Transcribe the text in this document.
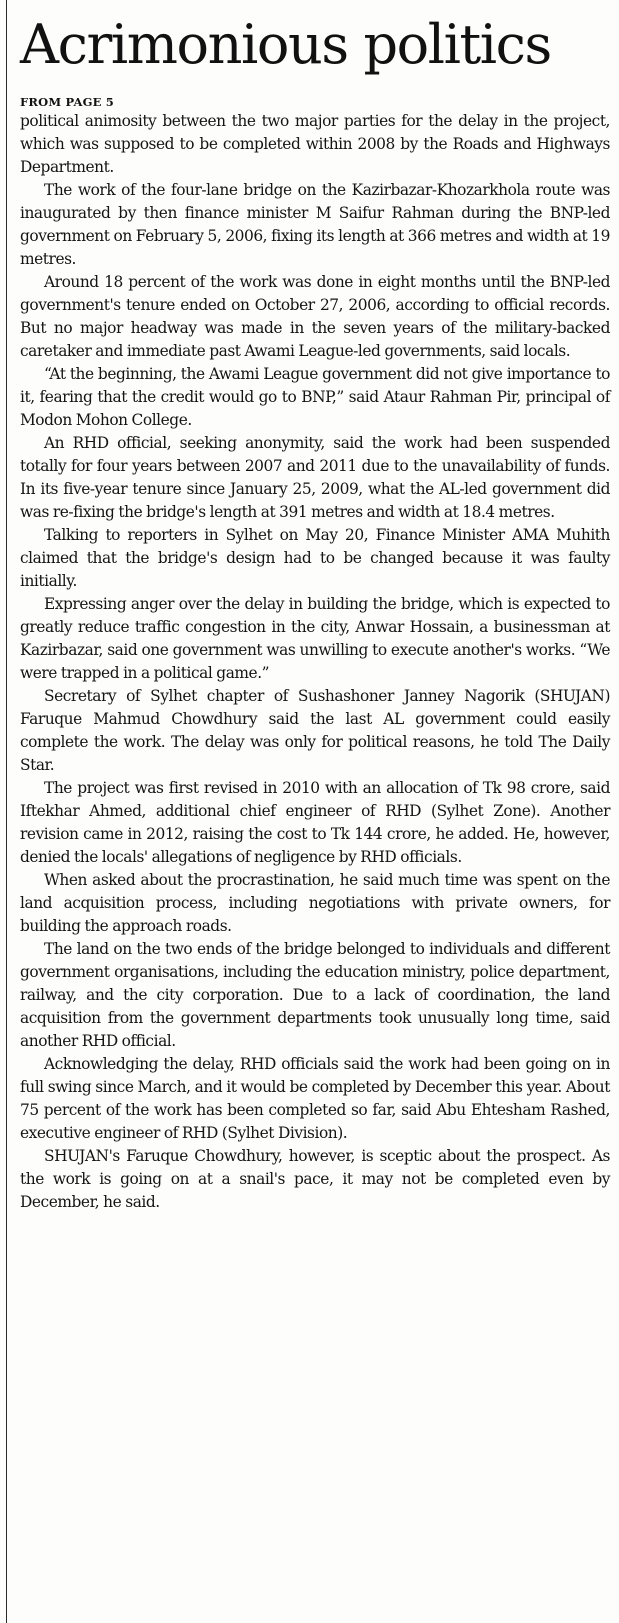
Acrimonious politics
FROM PAGE 5

political animosity between the two major parties for the delay in the project, which was supposed to be completed within 2008 by the Roads and Highways Department.

The work of the four-lane bridge on the Kazirbazar-Khozarkhola route was inaugurated by then finance minister M Saifur Rahman during the BNP-led government on February 5, 2006, fixing its length at 366 metres and width at 19 metres.

Around 18 percent of the work was done in eight months until the BNP-led government's tenure ended on October 27, 2006, according to official records. But no major headway was made in the seven years of the military-backed caretaker and immediate past Awami League-led governments, said locals.

“At the beginning, the Awami League government did not give importance to it, fearing that the credit would go to BNP,” said Ataur Rahman Pir, principal of Modon Mohon College.

An RHD official, seeking anonymity, said the work had been suspended totally for four years between 2007 and 2011 due to the unavailability of funds. In its five-year tenure since January 25, 2009, what the AL-led government did was re-fixing the bridge's length at 391 metres and width at 18.4 metres.

Talking to reporters in Sylhet on May 20, Finance Minister AMA Muhith claimed that the bridge's design had to be changed because it was faulty initially.

Expressing anger over the delay in building the bridge, which is expected to greatly reduce traffic congestion in the city, Anwar Hossain, a businessman at Kazirbazar, said one government was unwilling to execute another's works. “We were trapped in a political game.”

Secretary of Sylhet chapter of Sushashoner Janney Nagorik (SHUJAN) Faruque Mahmud Chowdhury said the last AL government could easily complete the work. The delay was only for political reasons, he told The Daily Star.

The project was first revised in 2010 with an allocation of Tk 98 crore, said Iftekhar Ahmed, additional chief engineer of RHD (Sylhet Zone). Another revision came in 2012, raising the cost to Tk 144 crore, he added. He, however, denied the locals' allegations of negligence by RHD officials.

When asked about the procrastination, he said much time was spent on the land acquisition process, including negotiations with private owners, for building the approach roads.

The land on the two ends of the bridge belonged to individuals and different government organisations, including the education ministry, police department, railway, and the city corporation. Due to a lack of coordination, the land acquisition from the government departments took unusually long time, said another RHD official.

Acknowledging the delay, RHD officials said the work had been going on in full swing since March, and it would be completed by December this year. About 75 percent of the work has been completed so far, said Abu Ehtesham Rashed, executive engineer of RHD (Sylhet Division).

SHUJAN's Faruque Chowdhury, however, is sceptic about the prospect. As the work is going on at a snail's pace, it may not be completed even by December, he said.
